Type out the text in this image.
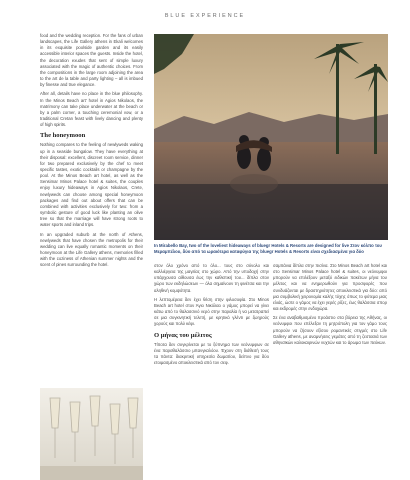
BLUE EXPERIENCE

food and the wedding reception. For the fans of urban landscapes, the Life Gallery athens in Ekali welcomes in its exquisite poolside garden and its easily accessible interior spaces the guests. Inside the hotel, the decoration exudes that sent of simple luxury associated with the magic of authentic choices. From the compositions in the large room adjoining the area to the art de la table and party lighting – all is imbued by finesse and true elegance.

After all, details have no place in the blue philosophy. In the Minos Beach art' hotel in Agios Nikolaos, the matrimony can take place underwater at the beach or by a palm corner, a touching ceremonial vow, or a traditional Cretan feast with lively dancing and plenty of high spirits.

The honeymoon

Nothing compares to the feeling of newlyweds waking up in a seaside bungalow. They have everything at their disposal: excellent, discreet room service, dinner for two prepared exclusively by the chef to meet specific tastes, exotic cocktails or champagne by the pool. At the Minos Beach art hotel, as well as the Sensimar Minos Palace hotel & suites, the couples enjoy luxury hideaways in Agios Nikolaos, Crete, newlyweds can choose among special honeymoon packages and find out about offers that can be combined with activities exclusively for two: from a symbolic gesture of good luck like planting an olive tree so that the marriage will have strong roots to water sports and inland trips.

In an upgraded suburb at the north of Athens, newlyweds that have chosen the metropolis for their wedding can live equally romantic moments on their honeymoon at the Life Gallery athens, memories filled with the coziness of Athenian summer nights and the scent of pines surrounding the hotel.

In Mirabello Bay, two of the loveliest hideaways of bluegr Hotels & Resorts are designed for live Στον κόλπο του Μεραμπέλου, δύο από τα ωραιότερα καταφύγια της bluegr Hotels & Resorts είναι σχεδιασμένα για δύο

στον όλο χρόνο από το όλο... τους στο σύνολο και καλλιέργεια της μαγείας στο χώρο. Από την υποδοχή στην υπάρχουσα αίθουσα έως την καθιστική του... δίπλα στον χώρο των εκδηλώσεων — όλα σημαίνουν τη φινέτσα και την αληθινή κομψότητα.

Η λεπτομέρεια δεν έχει θέση στην φιλοσοφία. Στο Minos Beach art hotel στον Άγιο Νικόλαο ο γάμος μπορεί να γίνει κάτω από το θαλασσινό νερό στην παραλία ή να μετατραπεί σε μια συγκινητική τελετή, με κρητικό γλέντι με ζωηρούς χορούς και πολύ κέφι.

Ο μήνας του μέλιτος

Τίποτα δεν συγκρίνεται με το ξύπνημα των νεόνυμφων σε ένα παραθαλάσσιο μπανγκαλόου. Έχουν στη διάθεσή τους τα πάντα: διακριτική υπηρεσία δωματίου, δείπνο για δύο ετοιμασμένο αποκλειστικά από τον σεφ.

σαμπάνια δίπλα στην πισίνα. Στο Minos Beach art hotel και στο Sensimar Minos Palace hotel & suites, οι νεόνυμφοι μπορούν να επιλέξουν μεταξύ ειδικών πακέτων μήνα του μέλιτος και να ενημερωθούν για προσφορές που συνδυάζονται με δραστηριότητες αποκλειστικά για δύο: από μια συμβολική χειρονομία καλής τύχης όπως το φύτεμα μιας ελιάς, ώστε ο γάμος να έχει γερές ρίζες, έως θαλάσσια σπορ και εκδρομές στην ενδοχώρα.

Σε ένα αναβαθμισμένο προάστιο στα βόρεια της Αθήνας, οι νεόνυμφοι που επέλεξαν τη μητρόπολη για τον γάμο τους μπορούν να ζήσουν εξίσου ρομαντικές στιγμές στο Life Gallery athens, με αναμνήσεις γεμάτες από τη ζεστασιά των αθηναϊκών καλοκαιρινών νυχτών και το άρωμα των πεύκων.
